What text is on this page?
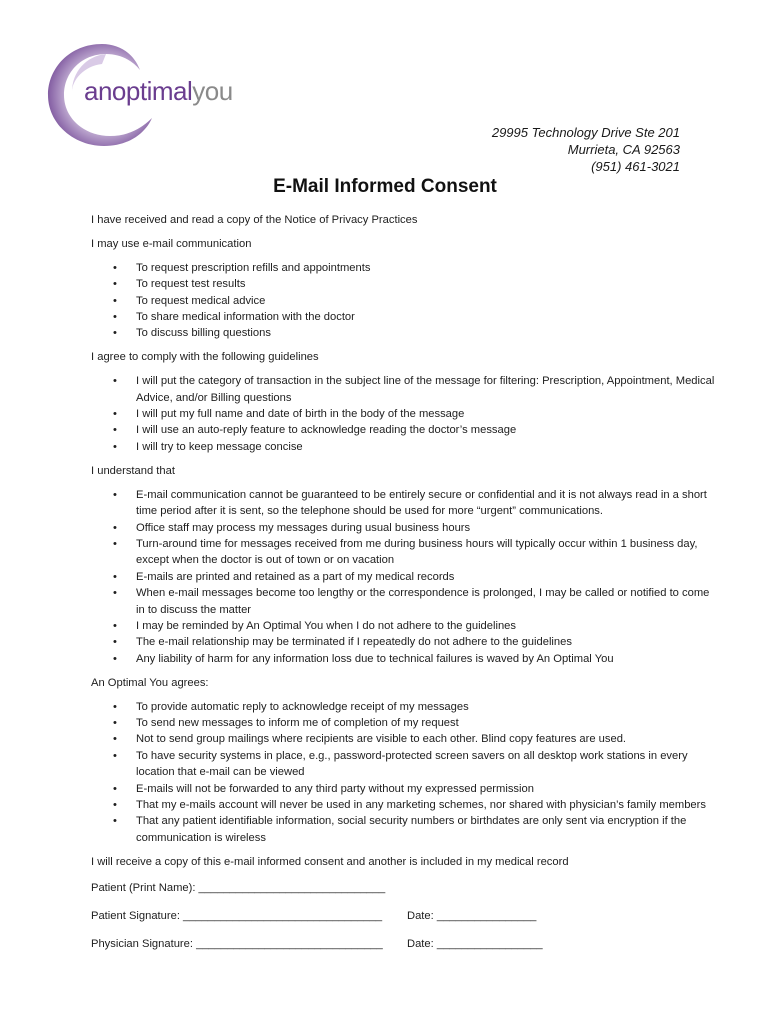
anoptimalyou
29995 Technology Drive Ste 201
Murrieta, CA 92563
(951) 461-3021
E-Mail Informed Consent

I have received and read a copy of the Notice of Privacy Practices

I may use e-mail communication

• To request prescription refills and appointments
• To request test results
• To request medical advice
• To share medical information with the doctor
• To discuss billing questions

I agree to comply with the following guidelines

• I will put the category of transaction in the subject line of the message for filtering: Prescription, Appointment, Medical Advice, and/or Billing questions
• I will put my full name and date of birth in the body of the message
• I will use an auto-reply feature to acknowledge reading the doctor’s message
• I will try to keep message concise

I understand that

• E-mail communication cannot be guaranteed to be entirely secure or confidential and it is not always read in a short time period after it is sent, so the telephone should be used for more “urgent” communications.
• Office staff may process my messages during usual business hours
• Turn-around time for messages received from me during business hours will typically occur within 1 business day, except when the doctor is out of town or on vacation
• E-mails are printed and retained as a part of my medical records
• When e-mail messages become too lengthy or the correspondence is prolonged, I may be called or notified to come in to discuss the matter
• I may be reminded by An Optimal You when I do not adhere to the guidelines
• The e-mail relationship may be terminated if I repeatedly do not adhere to the guidelines
• Any liability of harm for any information loss due to technical failures is waved by An Optimal You

An Optimal You agrees:

• To provide automatic reply to acknowledge receipt of my messages
• To send new messages to inform me of completion of my request
• Not to send group mailings where recipients are visible to each other. Blind copy features are used.
• To have security systems in place, e.g., password-protected screen savers on all desktop work stations in every location that e-mail can be viewed
• E-mails will not be forwarded to any third party without my expressed permission
• That my e-mails account will never be used in any marketing schemes, nor shared with physician’s family members
• That any patient identifiable information, social security numbers or birthdates are only sent via encryption if the communication is wireless

I will receive a copy of this e-mail informed consent and another is included in my medical record

Patient (Print Name): ______________________________
Patient Signature: ________________________________ Date: ________________
Physician Signature: ______________________________ Date: _________________
